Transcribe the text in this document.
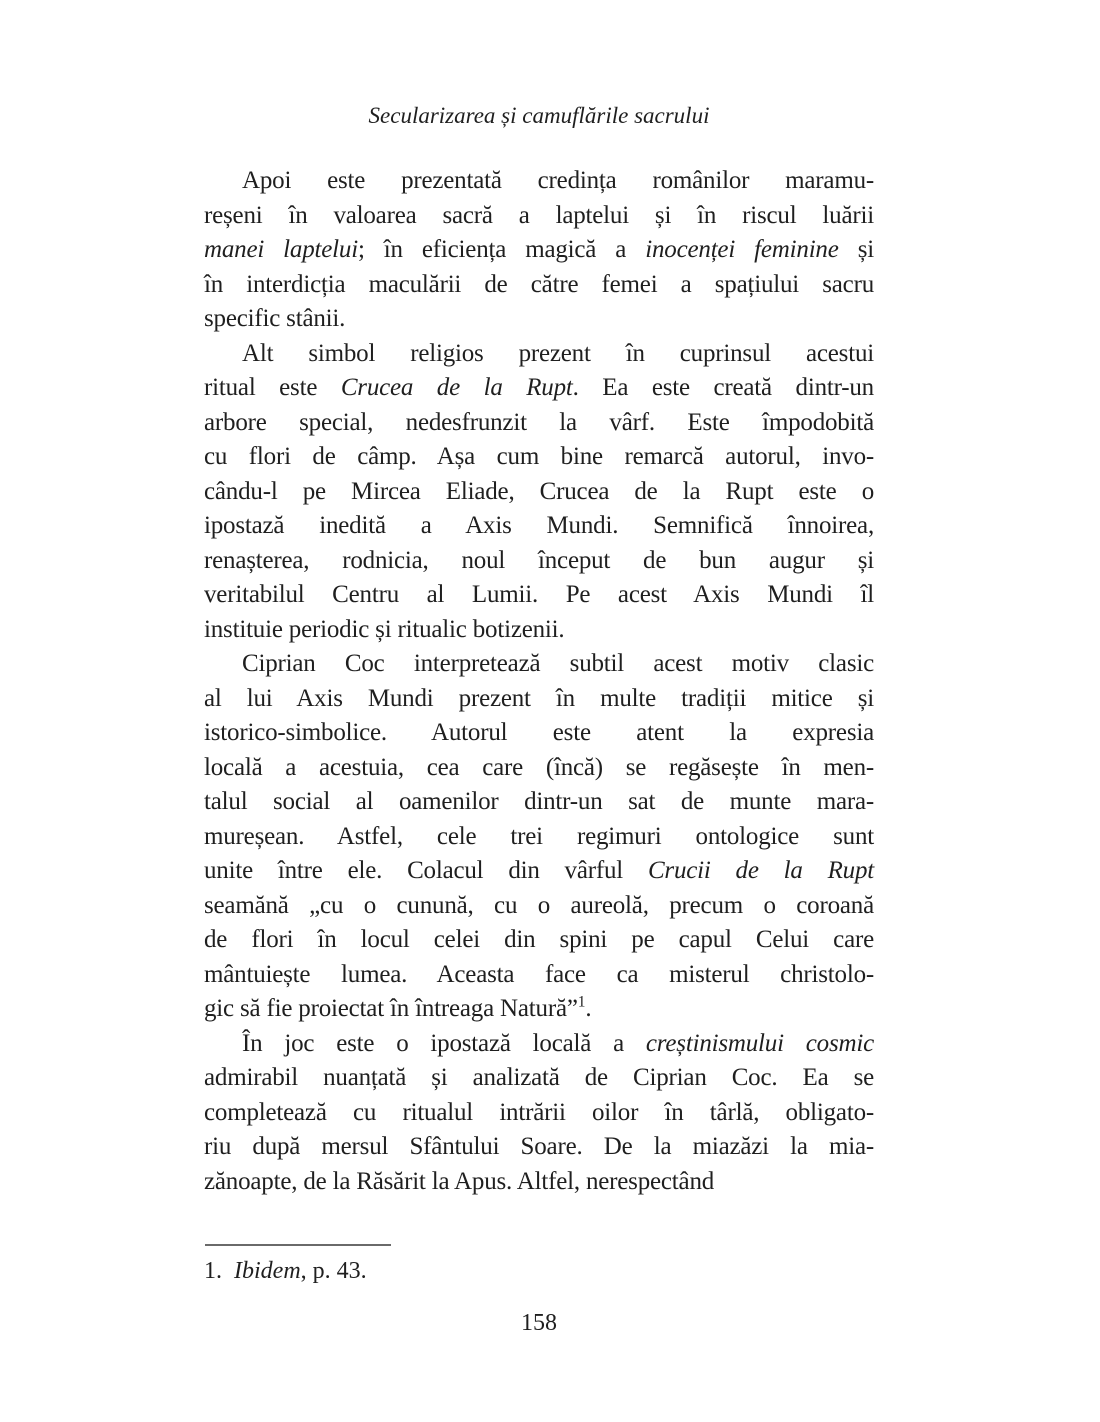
Secularizarea și camuflările sacrului
Apoi este prezentată credința românilor maramu-
reșeni în valoarea sacră a laptelui și în riscul luării
manei laptelui; în eficiența magică a inocenței feminine și
în interdicția maculării de către femei a spațiului sacru
specific stânii.
Alt simbol religios prezent în cuprinsul acestui
ritual este Crucea de la Rupt. Ea este creată dintr-un
arbore special, nedesfrunzit la vârf. Este împodobită
cu flori de câmp. Așa cum bine remarcă autorul, invo-
cându-l pe Mircea Eliade, Crucea de la Rupt este o
ipostază inedită a Axis Mundi. Semnifică înnoirea,
renașterea, rodnicia, noul început de bun augur și
veritabilul Centru al Lumii. Pe acest Axis Mundi îl
instituie periodic și ritualic botizenii.
Ciprian Coc interpretează subtil acest motiv clasic
al lui Axis Mundi prezent în multe tradiții mitice și
istorico-simbolice. Autorul este atent la expresia
locală a acestuia, cea care (încă) se regăsește în men-
talul social al oamenilor dintr-un sat de munte mara-
mureșean. Astfel, cele trei regimuri ontologice sunt
unite între ele. Colacul din vârful Crucii de la Rupt
seamănă „cu o cunună, cu o aureolă, precum o coroană
de flori în locul celei din spini pe capul Celui care
mântuiește lumea. Aceasta face ca misterul christolo-
gic să fie proiectat în întreaga Natură”$^1$.
În joc este o ipostază locală a creștinismului cosmic
admirabil nuanțată și analizată de Ciprian Coc. Ea se
completează cu ritualul intrării oilor în târlă, obligato-
riu după mersul Sfântului Soare. De la miazăzi la mia-
zănoapte, de la Răsărit la Apus. Altfel, nerespectând
1.  Ibidem, p. 43.
158
